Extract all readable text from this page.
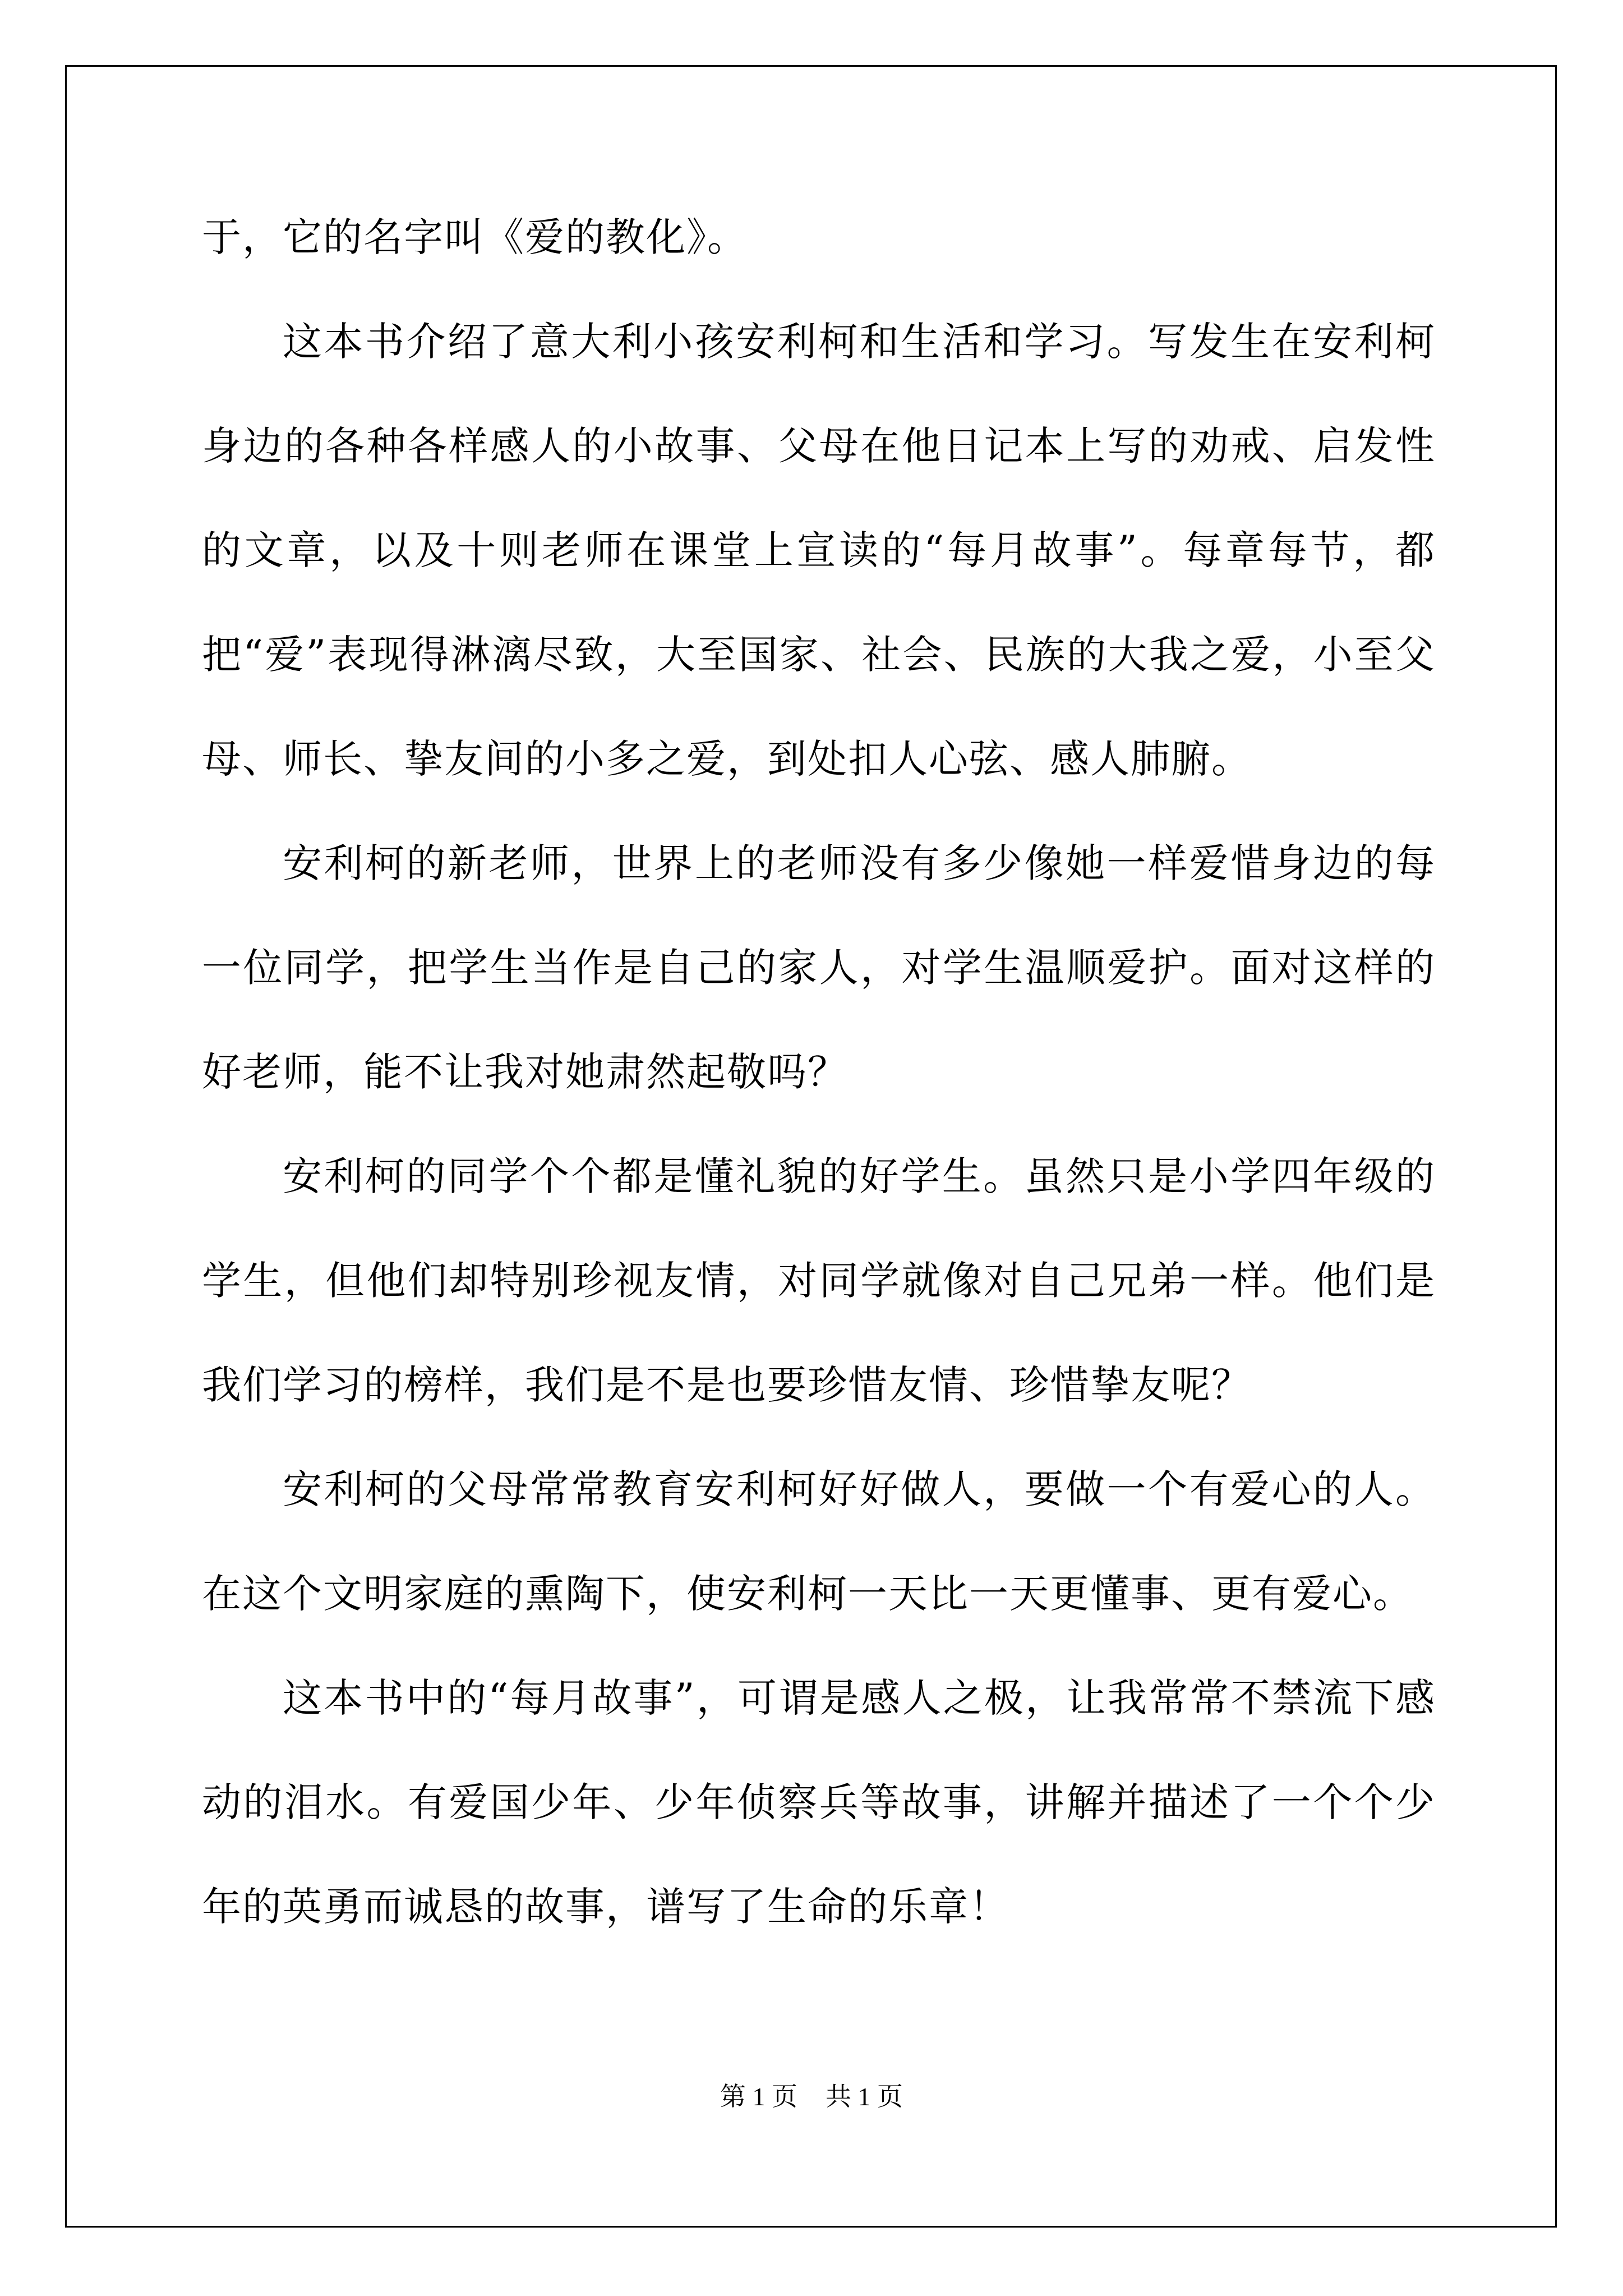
于，它的名字叫《爱的教化》。

这本书介绍了意大利小孩安利柯和生活和学习。写发生在安利柯身边的各种各样感人的小故事、父母在他日记本上写的劝戒、启发性的文章，以及十则老师在课堂上宣读的“每月故事”。每章每节，都把“爱”表现得淋漓尽致，大至国家、社会、民族的大我之爱，小至父母、师长、挚友间的小多之爱，到处扣人心弦、感人肺腑。

安利柯的新老师，世界上的老师没有多少像她一样爱惜身边的每一位同学，把学生当作是自己的家人，对学生温顺爱护。面对这样的好老师，能不让我对她肃然起敬吗？

安利柯的同学个个都是懂礼貌的好学生。虽然只是小学四年级的学生，但他们却特别珍视友情，对同学就像对自己兄弟一样。他们是我们学习的榜样，我们是不是也要珍惜友情、珍惜挚友呢？

安利柯的父母常常教育安利柯好好做人，要做一个有爱心的人。在这个文明家庭的熏陶下，使安利柯一天比一天更懂事、更有爱心。

这本书中的“每月故事”，可谓是感人之极，让我常常不禁流下感动的泪水。有爱国少年、少年侦察兵等故事，讲解并描述了一个个少年的英勇而诚恳的故事，谱写了生命的乐章！

第 1 页 共 1 页
